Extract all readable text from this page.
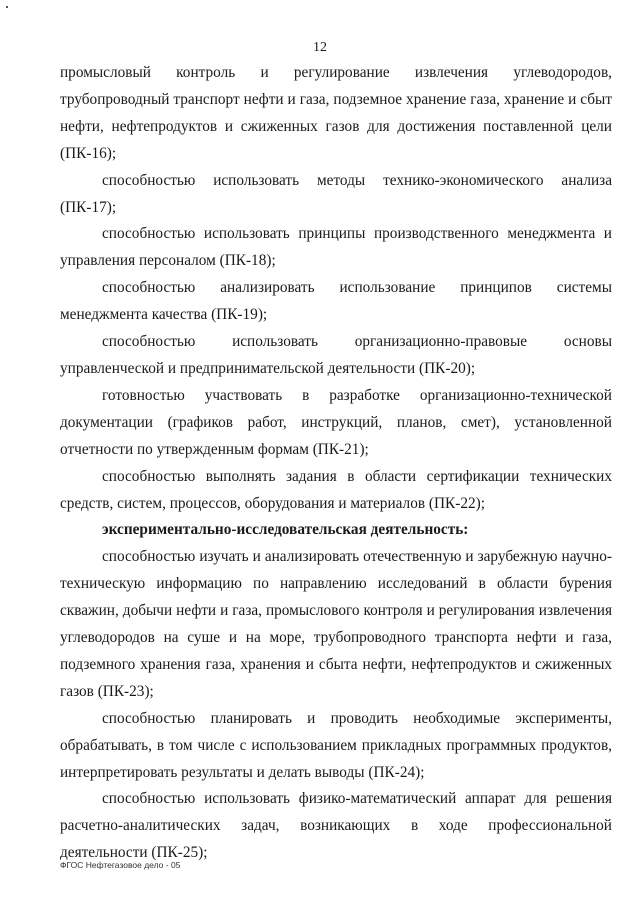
12

промысловый контроль и регулирование извлечения углеводородов, трубопроводный транспорт нефти и газа, подземное хранение газа, хранение и сбыт нефти, нефтепродуктов и сжиженных газов для достижения поставленной цели (ПК-16);

способностью использовать методы технико-экономического анализа (ПК-17);

способностью использовать принципы производственного менеджмента и управления персоналом (ПК-18);

способностью анализировать использование принципов системы менеджмента качества (ПК-19);

способностью использовать организационно-правовые основы управленческой и предпринимательской деятельности (ПК-20);

готовностью участвовать в разработке организационно-технической документации (графиков работ, инструкций, планов, смет), установленной отчетности по утвержденным формам (ПК-21);

способностью выполнять задания в области сертификации технических средств, систем, процессов, оборудования и материалов (ПК-22);

экспериментально-исследовательская деятельность:

способностью изучать и анализировать отечественную и зарубежную научно-техническую информацию по направлению исследований в области бурения скважин, добычи нефти и газа, промыслового контроля и регулирования извлечения углеводородов на суше и на море, трубопроводного транспорта нефти и газа, подземного хранения газа, хранения и сбыта нефти, нефтепродуктов и сжиженных газов (ПК-23);

способностью планировать и проводить необходимые эксперименты, обрабатывать, в том числе с использованием прикладных программных продуктов, интерпретировать результаты и делать выводы (ПК-24);

способностью использовать физико-математический аппарат для решения расчетно-аналитических задач, возникающих в ходе профессиональной деятельности (ПК-25);

ФГОС Нефтегазовое дело - 05
